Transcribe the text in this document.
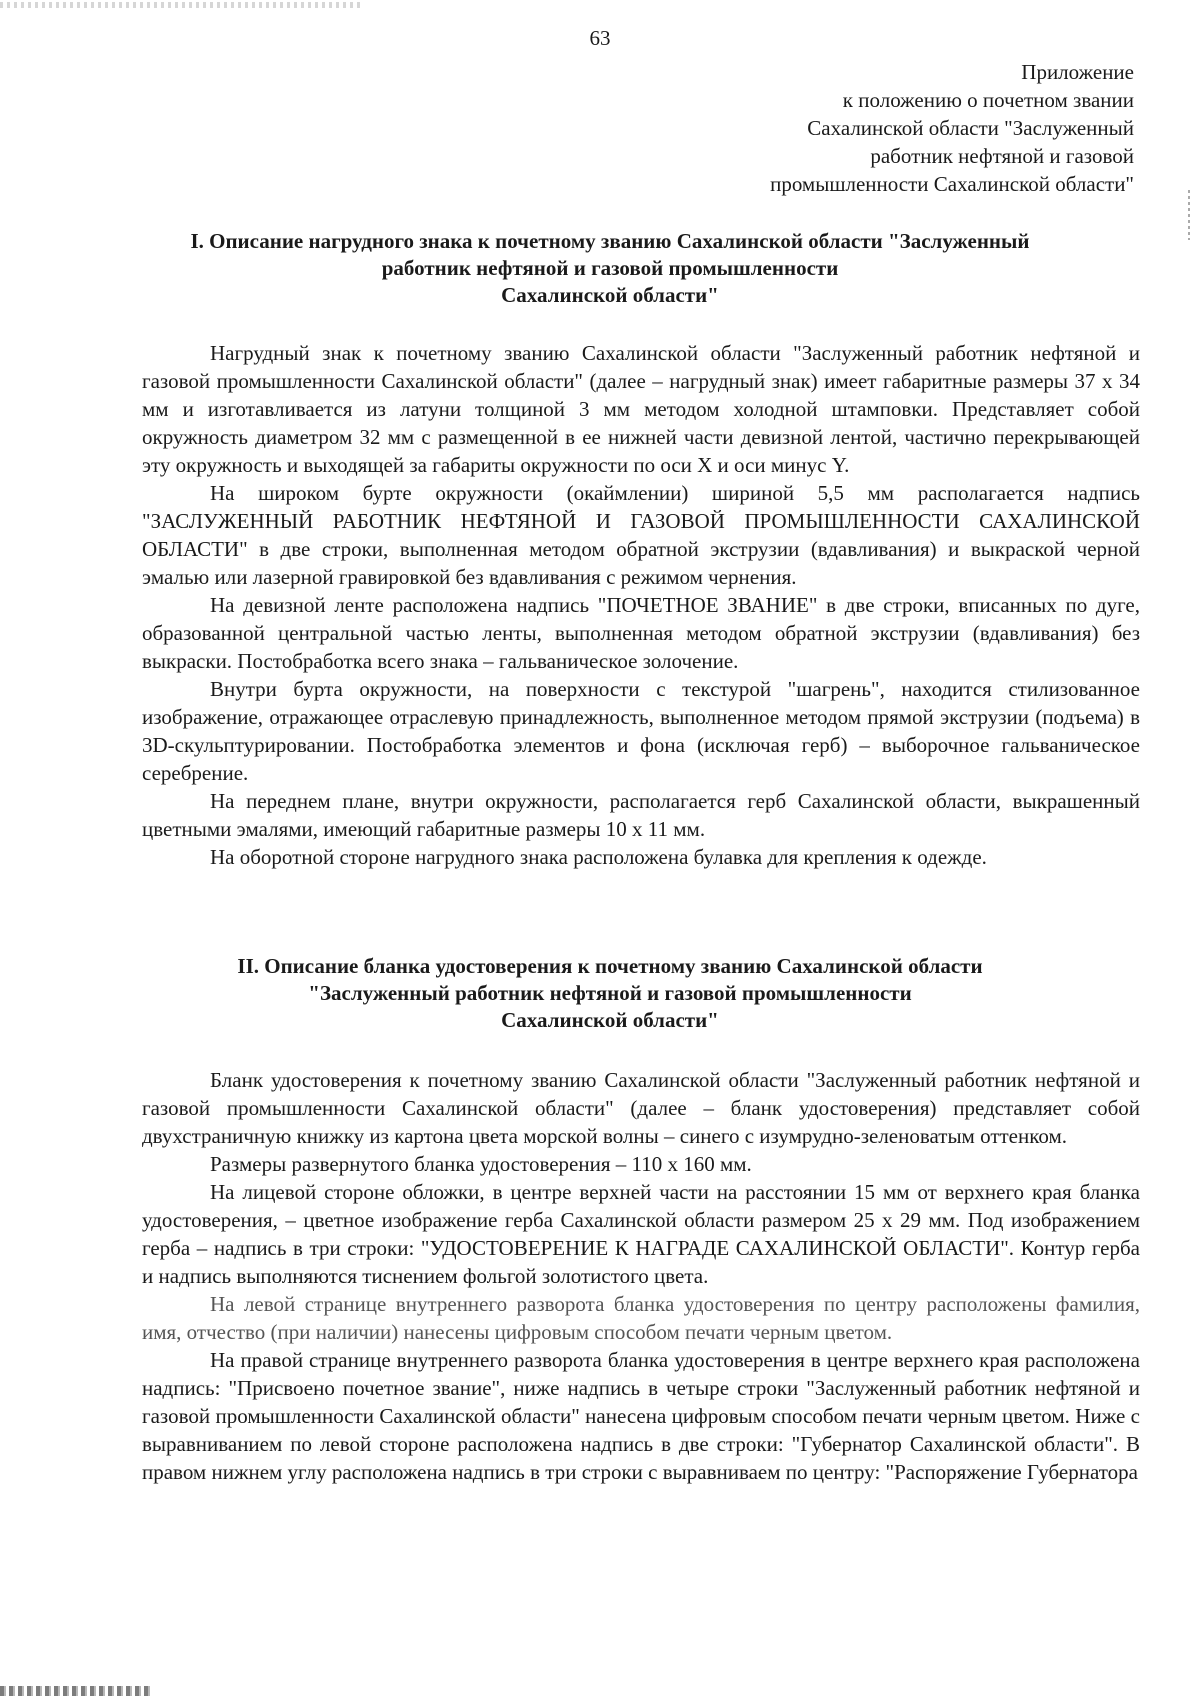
63
Приложение
к положению о почетном звании
Сахалинской области "Заслуженный
работник нефтяной и газовой
промышленности Сахалинской области"
I. Описание нагрудного знака к почетному званию Сахалинской области "Заслуженный
работник нефтяной и газовой промышленности
Сахалинской области"

Нагрудный знак к почетному званию Сахалинской области "Заслуженный работник нефтяной и газовой промышленности Сахалинской области" (далее – нагрудный знак) имеет габаритные размеры 37 х 34 мм и изготавливается из латуни толщиной 3 мм методом холодной штамповки. Представляет собой окружность диаметром 32 мм с размещенной в ее нижней части девизной лентой, частично перекрывающей эту окружность и выходящей за габариты окружности по оси X и оси минус Y.

На широком бурте окружности (окаймлении) шириной 5,5 мм располагается надпись "ЗАСЛУЖЕННЫЙ РАБОТНИК НЕФТЯНОЙ И ГАЗОВОЙ ПРОМЫШЛЕННОСТИ САХАЛИНСКОЙ ОБЛАСТИ" в две строки, выполненная методом обратной экструзии (вдавливания) и выкраской черной эмалью или лазерной гравировкой без вдавливания с режимом чернения.

На девизной ленте расположена надпись "ПОЧЕТНОЕ ЗВАНИЕ" в две строки, вписанных по дуге, образованной центральной частью ленты, выполненная методом обратной экструзии (вдавливания) без выкраски. Постобработка всего знака – гальваническое золочение.

Внутри бурта окружности, на поверхности с текстурой "шагрень", находится стилизованное изображение, отражающее отраслевую принадлежность, выполненное методом прямой экструзии (подъема) в 3D-скульптурировании. Постобработка элементов и фона (исключая герб) – выборочное гальваническое серебрение.

На переднем плане, внутри окружности, располагается герб Сахалинской области, выкрашенный цветными эмалями, имеющий габаритные размеры 10 х 11 мм.

На оборотной стороне нагрудного знака расположена булавка для крепления к одежде.

II. Описание бланка удостоверения к почетному званию Сахалинской области
"Заслуженный работник нефтяной и газовой промышленности
Сахалинской области"

Бланк удостоверения к почетному званию Сахалинской области "Заслуженный работник нефтяной и газовой промышленности Сахалинской области" (далее – бланк удостоверения) представляет собой двухстраничную книжку из картона цвета морской волны – синего с изумрудно-зеленоватым оттенком.

Размеры развернутого бланка удостоверения – 110 х 160 мм.

На лицевой стороне обложки, в центре верхней части на расстоянии 15 мм от верхнего края бланка удостоверения, – цветное изображение герба Сахалинской области размером 25 х 29 мм. Под изображением герба – надпись в три строки: "УДОСТОВЕРЕНИЕ К НАГРАДЕ САХАЛИНСКОЙ ОБЛАСТИ". Контур герба и надпись выполняются тиснением фольгой золотистого цвета.

На левой странице внутреннего разворота бланка удостоверения по центру расположены фамилия, имя, отчество (при наличии) нанесены цифровым способом печати черным цветом.

На правой странице внутреннего разворота бланка удостоверения в центре верхнего края расположена надпись: "Присвоено почетное звание", ниже надпись в четыре строки "Заслуженный работник нефтяной и газовой промышленности Сахалинской области" нанесена цифровым способом печати черным цветом. Ниже с выравниванием по левой стороне расположена надпись в две строки: "Губернатор Сахалинской области". В правом нижнем углу расположена надпись в три строки с выравниваем по центру: "Распоряжение Губернатора
